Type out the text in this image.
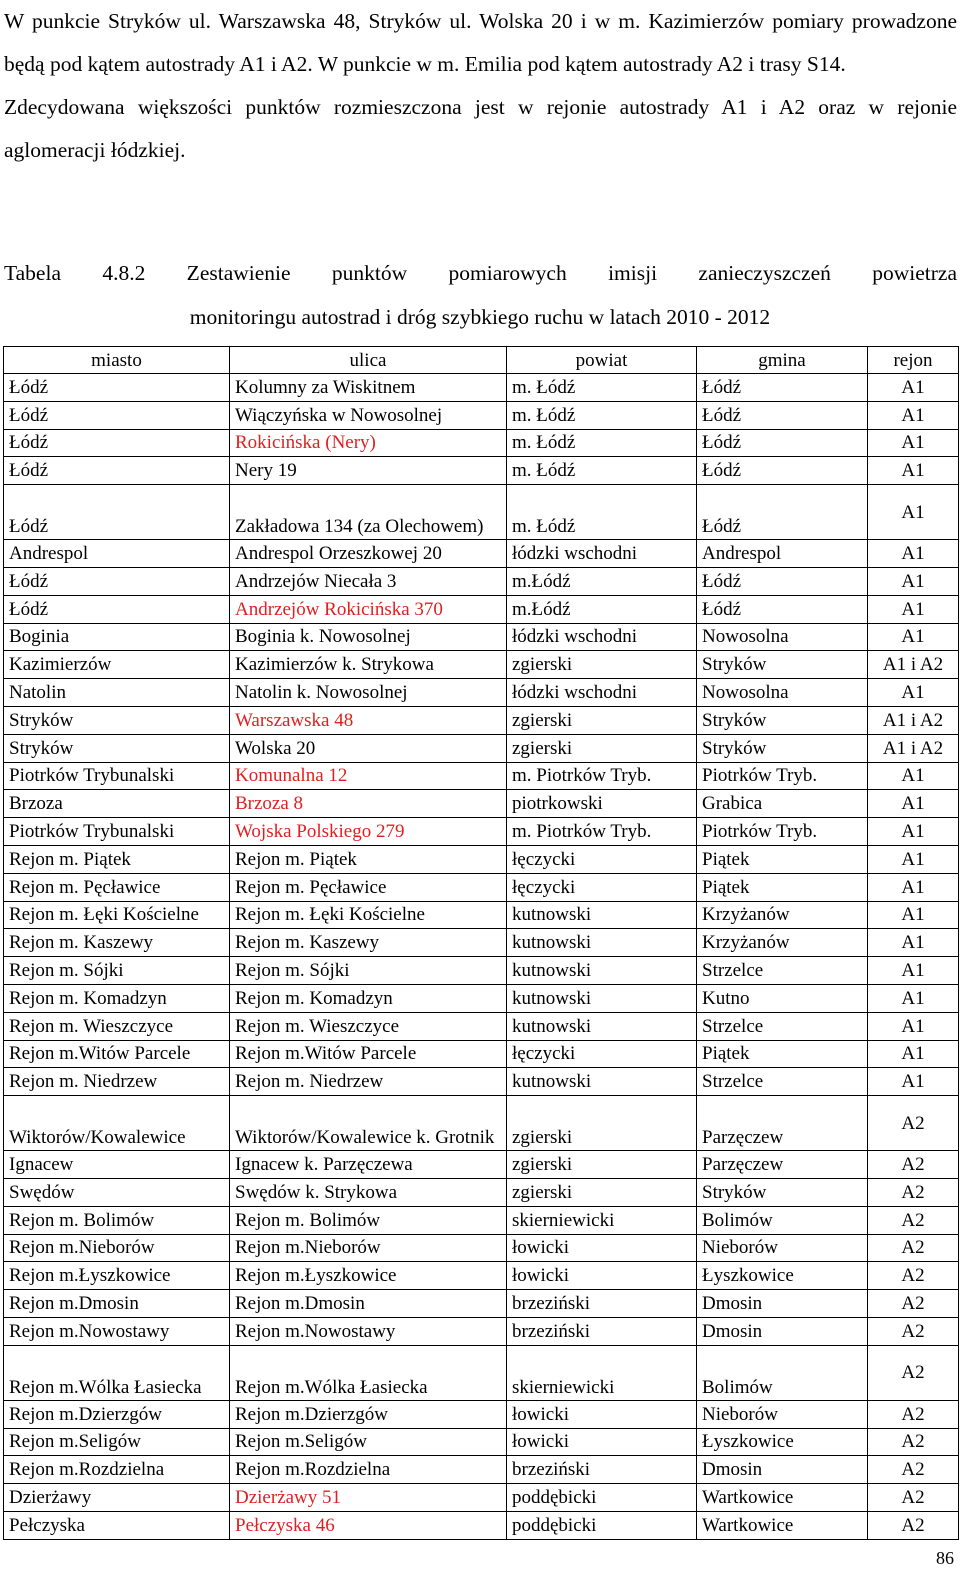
W punkcie Stryków ul. Warszawska 48, Stryków ul. Wolska 20 i w m. Kazimierzów pomiary prowadzone będą pod kątem autostrady A1 i A2. W punkcie w m. Emilia pod kątem autostrady A2 i trasy S14.

Zdecydowana większości punktów rozmieszczona jest w rejonie autostrady A1 i A2 oraz w rejonie aglomeracji łódzkiej.

Tabela 4.8.2 Zestawienie punktów pomiarowych imisji zanieczyszczeń powietrza
monitoringu autostrad i dróg szybkiego ruchu w latach 2010 - 2012
miasto	ulica	powiat	gmina	rejon
Łódź	Kolumny za Wiskitnem	m. Łódź	Łódź	A1
Łódź	Wiączyńska w Nowosolnej	m. Łódź	Łódź	A1
Łódź	Rokicińska (Nery)	m. Łódź	Łódź	A1
Łódź	Nery 19	m. Łódź	Łódź	A1
Łódź	Zakładowa 134 (za Olechowem)	m. Łódź	Łódź	A1
Andrespol	Andrespol Orzeszkowej 20	łódzki wschodni	Andrespol	A1
Łódź	Andrzejów Niecała 3	m.Łódź	Łódź	A1
Łódź	Andrzejów Rokicińska 370	m.Łódź	Łódź	A1
Boginia	Boginia k. Nowosolnej	łódzki wschodni	Nowosolna	A1
Kazimierzów	Kazimierzów k. Strykowa	zgierski	Stryków	A1 i A2
Natolin	Natolin k. Nowosolnej	łódzki wschodni	Nowosolna	A1
Stryków	Warszawska 48	zgierski	Stryków	A1 i A2
Stryków	Wolska 20	zgierski	Stryków	A1 i A2
Piotrków Trybunalski	Komunalna 12	m. Piotrków Tryb.	Piotrków Tryb.	A1
Brzoza	Brzoza 8	piotrkowski	Grabica	A1
Piotrków Trybunalski	Wojska Polskiego 279	m. Piotrków Tryb.	Piotrków Tryb.	A1
Rejon m. Piątek	Rejon m. Piątek	łęczycki	Piątek	A1
Rejon m. Pęcławice	Rejon m. Pęcławice	łęczycki	Piątek	A1
Rejon m. Łęki Kościelne	Rejon m. Łęki Kościelne	kutnowski	Krzyżanów	A1
Rejon m. Kaszewy	Rejon m. Kaszewy	kutnowski	Krzyżanów	A1
Rejon m. Sójki	Rejon m. Sójki	kutnowski	Strzelce	A1
Rejon m. Komadzyn	Rejon m. Komadzyn	kutnowski	Kutno	A1
Rejon m. Wieszczyce	Rejon m. Wieszczyce	kutnowski	Strzelce	A1
Rejon m.Witów Parcele	Rejon m.Witów Parcele	łęczycki	Piątek	A1
Rejon m. Niedrzew	Rejon m. Niedrzew	kutnowski	Strzelce	A1
Wiktorów/Kowalewice	Wiktorów/Kowalewice k. Grotnik	zgierski	Parzęczew	A2
Ignacew	Ignacew k. Parzęczewa	zgierski	Parzęczew	A2
Swędów	Swędów k. Strykowa	zgierski	Stryków	A2
Rejon m. Bolimów	Rejon m. Bolimów	skierniewicki	Bolimów	A2
Rejon m.Nieborów	Rejon m.Nieborów	łowicki	Nieborów	A2
Rejon m.Łyszkowice	Rejon m.Łyszkowice	łowicki	Łyszkowice	A2
Rejon m.Dmosin	Rejon m.Dmosin	brzeziński	Dmosin	A2
Rejon m.Nowostawy	Rejon m.Nowostawy	brzeziński	Dmosin	A2
Rejon m.Wólka Łasiecka	Rejon m.Wólka Łasiecka	skierniewicki	Bolimów	A2
Rejon m.Dzierzgów	Rejon m.Dzierzgów	łowicki	Nieborów	A2
Rejon m.Seligów	Rejon m.Seligów	łowicki	Łyszkowice	A2
Rejon m.Rozdzielna	Rejon m.Rozdzielna	brzeziński	Dmosin	A2
Dzierżawy	Dzierżawy 51	poddębicki	Wartkowice	A2
Pełczyska	Pełczyska 46	poddębicki	Wartkowice	A2
86
